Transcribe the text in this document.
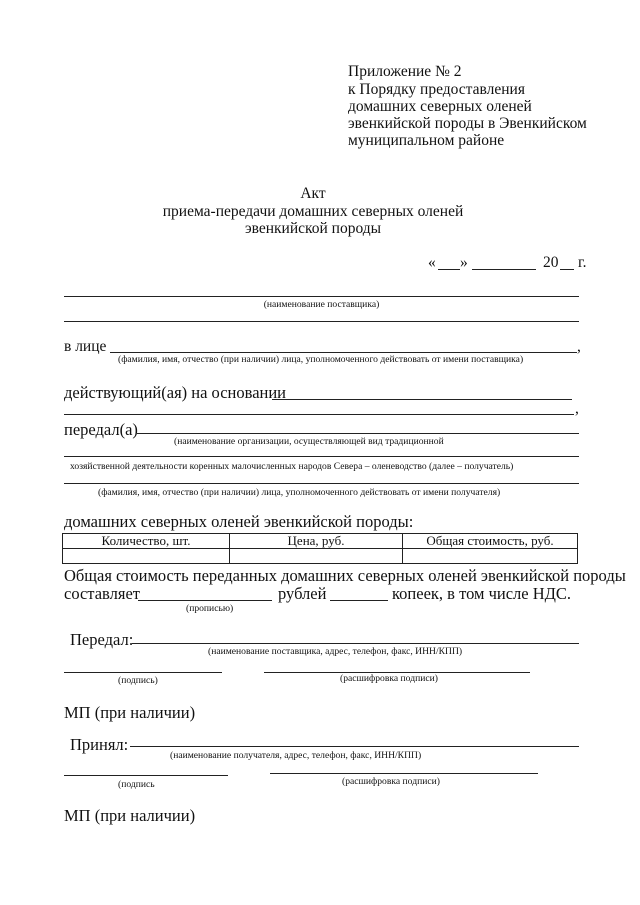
Приложение № 2
к Порядку предоставления
домашних северных оленей
эвенкийской породы в Эвенкийском
муниципальном районе
Акт
приема-передачи домашних северных оленей
эвенкийской породы
« »	20 г.
(наименование поставщика)
в лице	,
(фамилия, имя, отчество (при наличии) лица, уполномоченного действовать от имени поставщика)
действующий(ая) на основании
,
передал(а)
(наименование организации, осуществляющей вид традиционной
хозяйственной деятельности коренных малочисленных народов Севера – оленеводство (далее – получатель)
(фамилия, имя, отчество (при наличии) лица, уполномоченного действовать от имени получателя)
домашних северных оленей эвенкийской породы:
Количество, шт.	Цена, руб.	Общая стоимость, руб.

Общая стоимость переданных домашних северных оленей эвенкийской породы
составляет	рублей	копеек, в том числе НДС.
(прописью)
Передал:
(наименование поставщика, адрес, телефон, факс, ИНН/КПП)
(подпись)	(расшифровка подписи)
МП (при наличии)
Принял:
(наименование получателя, адрес, телефон, факс, ИНН/КПП)
(подпись	(расшифровка подписи)
МП (при наличии)
